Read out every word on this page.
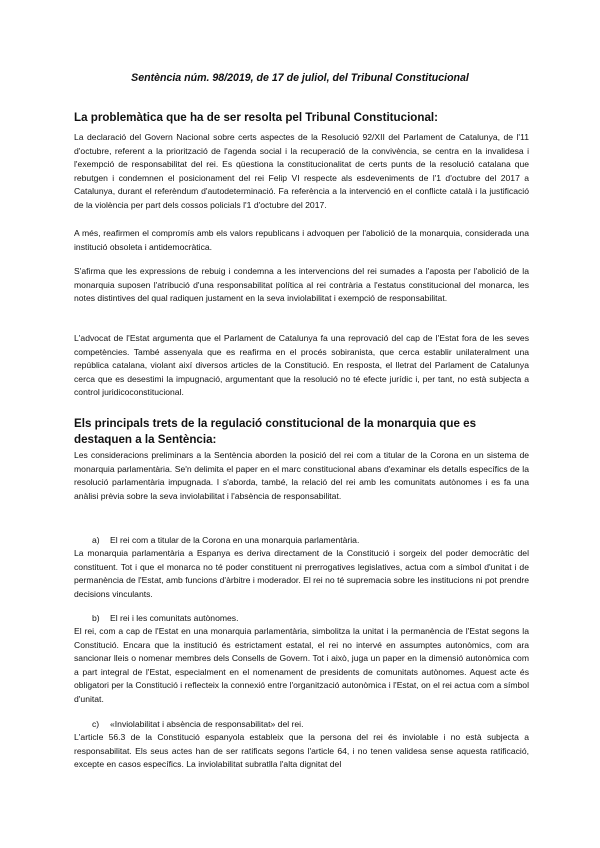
Sentència núm. 98/2019, de 17 de juliol, del Tribunal Constitucional
La problemàtica que ha de ser resolta pel Tribunal Constitucional:
La declaració del Govern Nacional sobre certs aspectes de la Resolució 92/XII del Parlament de Catalunya, de l'11 d'octubre, referent a la priorització de l'agenda social i la recuperació de la convivència, se centra en la invalidesa i l'exempció de responsabilitat del rei. Es qüestiona la constitucionalitat de certs punts de la resolució catalana que rebutgen i condemnen el posicionament del rei Felip VI respecte als esdeveniments de l'1 d'octubre del 2017 a Catalunya, durant el referèndum d'autodeterminació. Fa referència a la intervenció en el conflicte català i la justificació de la violència per part dels cossos policials l'1 d'octubre del 2017.
A més, reafirmen el compromís amb els valors republicans i advoquen per l'abolició de la monarquia, considerada una institució obsoleta i antidemocràtica.
S'afirma que les expressions de rebuig i condemna a les intervencions del rei sumades a l'aposta per l'abolició de la monarquia suposen l'atribució d'una responsabilitat política al rei contrària a l'estatus constitucional del monarca, les notes distintives del qual radiquen justament en la seva inviolabilitat i exempció de responsabilitat.
L'advocat de l'Estat argumenta que el Parlament de Catalunya fa una reprovació del cap de l'Estat fora de les seves competències. També assenyala que es reafirma en el procés sobiranista, que cerca establir unilateralment una república catalana, violant així diversos articles de la Constitució. En resposta, el lletrat del Parlament de Catalunya cerca que es desestimi la impugnació, argumentant que la resolució no té efecte jurídic i, per tant, no està subjecta a control juridicoconstitucional.
Els principals trets de la regulació constitucional de la monarquia que es destaquen a la Sentència:
Les consideracions preliminars a la Sentència aborden la posició del rei com a titular de la Corona en un sistema de monarquia parlamentària. Se'n delimita el paper en el marc constitucional abans d'examinar els detalls específics de la resolució parlamentària impugnada. I s'aborda, també, la relació del rei amb les comunitats autònomes i es fa una anàlisi prèvia sobre la seva inviolabilitat i l'absència de responsabilitat.
a) El rei com a titular de la Corona en una monarquia parlamentària.
La monarquia parlamentària a Espanya es deriva directament de la Constitució i sorgeix del poder democràtic del constituent. Tot i que el monarca no té poder constituent ni prerrogatives legislatives, actua com a símbol d'unitat i de permanència de l'Estat, amb funcions d'àrbitre i moderador. El rei no té supremacia sobre les institucions ni pot prendre decisions vinculants.
b) El rei i les comunitats autònomes.
El rei, com a cap de l'Estat en una monarquia parlamentària, simbolitza la unitat i la permanència de l'Estat segons la Constitució. Encara que la institució és estrictament estatal, el rei no intervé en assumptes autonòmics, com ara sancionar lleis o nomenar membres dels Consells de Govern. Tot i això, juga un paper en la dimensió autonòmica com a part integral de l'Estat, especialment en el nomenament de presidents de comunitats autònomes. Aquest acte és obligatori per la Constitució i reflecteix la connexió entre l'organització autonòmica i l'Estat, on el rei actua com a símbol d'unitat.
c) «Inviolabilitat i absència de responsabilitat» del rei.
L'article 56.3 de la Constitució espanyola estableix que la persona del rei és inviolable i no està subjecta a responsabilitat. Els seus actes han de ser ratificats segons l'article 64, i no tenen validesa sense aquesta ratificació, excepte en casos específics. La inviolabilitat subratlla l'alta dignitat del
